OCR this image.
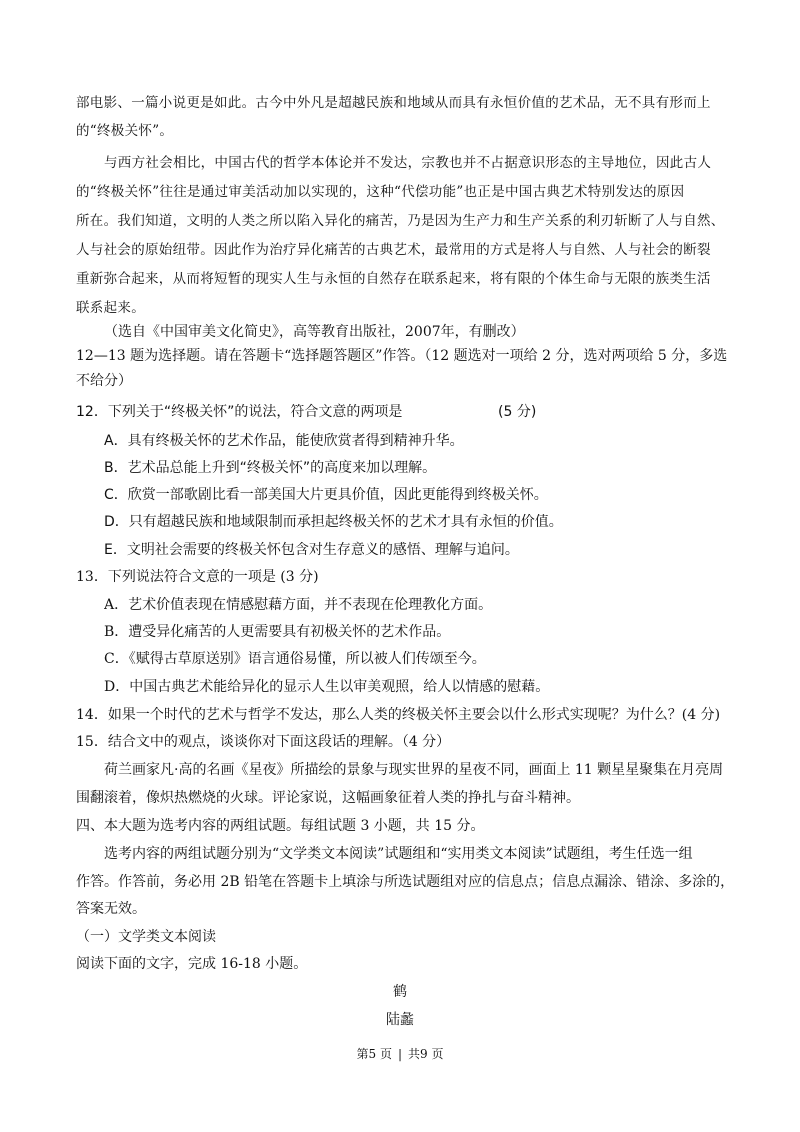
部电影、一篇小说更是如此。古今中外凡是超越民族和地域从而具有永恒价值的艺术品，无不具有形而上
的“终极关怀”。
与西方社会相比，中国古代的哲学本体论并不发达，宗教也并不占据意识形态的主导地位，因此古人
的“终极关怀”往往是通过审美活动加以实现的，这种“代偿功能”也正是中国古典艺术特别发达的原因
所在。我们知道，文明的人类之所以陷入异化的痛苦，乃是因为生产力和生产关系的利刃斩断了人与自然、
人与社会的原始纽带。因此作为治疗异化痛苦的古典艺术，最常用的方式是将人与自然、人与社会的断裂
重新弥合起来，从而将短暂的现实人生与永恒的自然存在联系起来，将有限的个体生命与无限的族类生活
联系起来。
（选自《中国审美文化简史》，高等教育出版社，2007年，有删改）
12—13 题为选择题。请在答题卡“选择题答题区”作答。（12 题选对一项给 2 分，选对两项给 5 分，多选
不给分）
12．下列关于“终极关怀”的说法，符合文意的两项是	(5 分)
A．具有终极关怀的艺术作品，能使欣赏者得到精神升华。
B．艺术品总能上升到“终极关怀”的高度来加以理解。
C．欣赏一部歌剧比看一部美国大片更具价值，因此更能得到终极关怀。
D．只有超越民族和地域限制而承担起终极关怀的艺术才具有永恒的价值。
E．文明社会需要的终极关怀包含对生存意义的感悟、理解与追问。
13．下列说法符合文意的一项是 (3 分)
A．艺术价值表现在情感慰藉方面，并不表现在伦理教化方面。
B．遭受异化痛苦的人更需要具有初极关怀的艺术作品。
C．《赋得古草原送别》语言通俗易懂，所以被人们传颂至今。
D．中国古典艺术能给异化的显示人生以审美观照，给人以情感的慰藉。
14．如果一个时代的艺术与哲学不发达，那么人类的终极关怀主要会以什么形式实现呢？为什么？(4 分)
15．结合文中的观点，谈谈你对下面这段话的理解。（4 分）
荷兰画家凡·高的名画《星夜》所描绘的景象与现实世界的星夜不同，画面上 11 颗星星聚集在月亮周
围翻滚着，像炽热燃烧的火球。评论家说，这幅画象征着人类的挣扎与奋斗精神。
四、本大题为选考内容的两组试题。每组试题 3 小题，共 15 分。
选考内容的两组试题分别为“文学类文本阅读”试题组和“实用类文本阅读”试题组，考生任选一组
作答。作答前，务必用 2B 铅笔在答题卡上填涂与所选试题组对应的信息点；信息点漏涂、错涂、多涂的，
答案无效。
（一）文学类文本阅读
阅读下面的文字，完成 16-18 小题。
鹤
陆蠡
第5 页 | 共9 页
